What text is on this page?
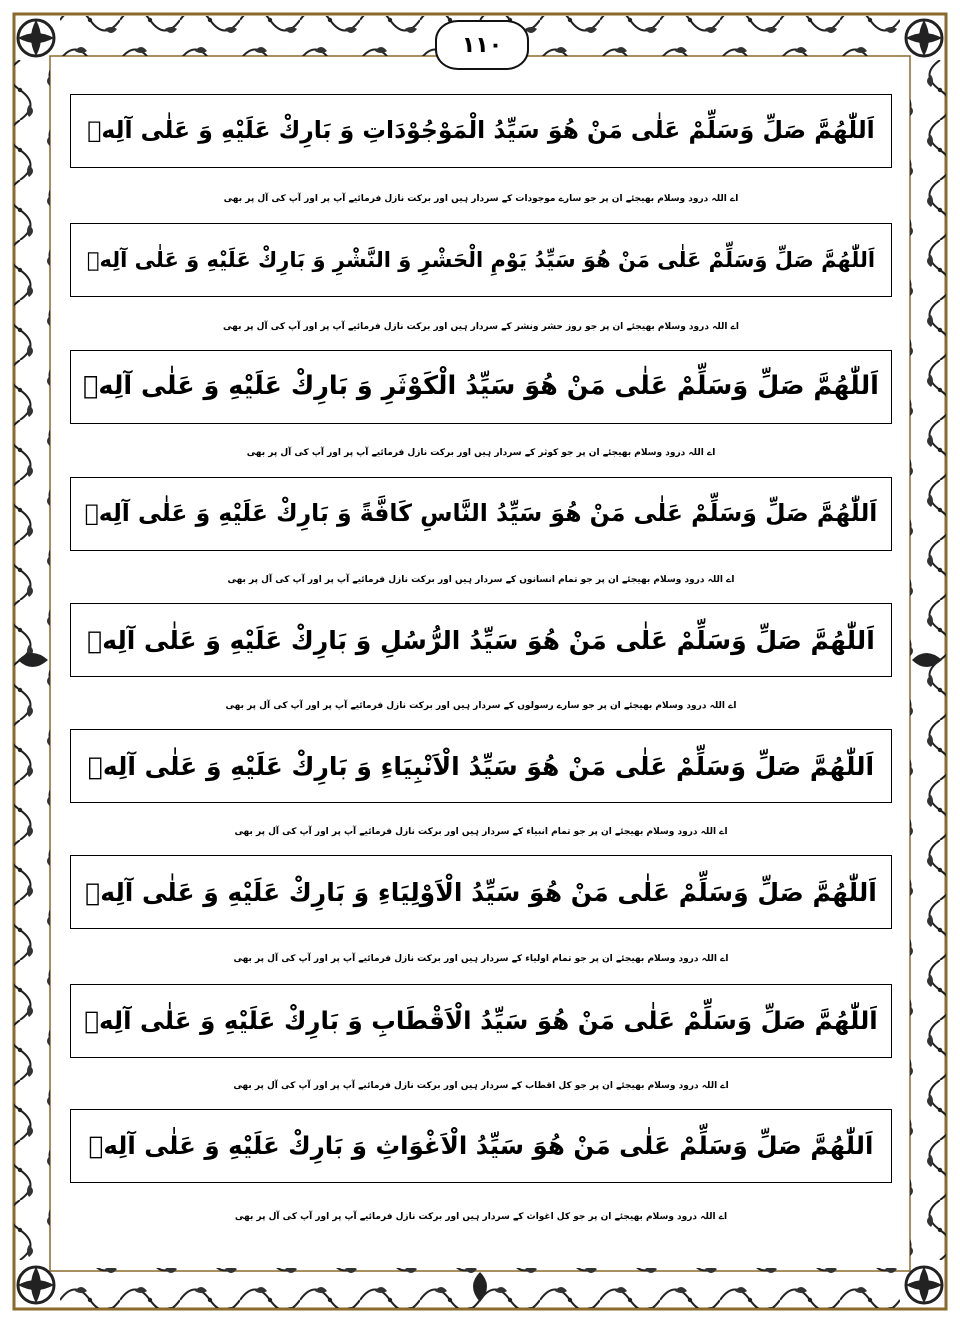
١١٠
اَللّٰهُمَّ صَلِّ وَسَلِّمْ عَلٰى مَنْ هُوَ سَيِّدُ الْمَوْجُوْدَاتِ وَ بَارِكْ عَلَيْهِ وَ عَلٰى آلِهٖ
اے اللہ درود وسلام بھیجئے ان پر جو سارے موجودات کے سردار ہیں اور برکت نازل فرمائیے آپ پر اور آپ کی آل پر بھی
اَللّٰهُمَّ صَلِّ وَسَلِّمْ عَلٰى مَنْ هُوَ سَيِّدُ يَوْمِ الْحَشْرِ وَ النَّشْرِ وَ بَارِكْ عَلَيْهِ وَ عَلٰى آلِهٖ
اے اللہ درود وسلام بھیجئے ان پر جو روز حشر ونشر کے سردار ہیں اور برکت نازل فرمائیے آپ پر اور آپ کی آل پر بھی
اَللّٰهُمَّ صَلِّ وَسَلِّمْ عَلٰى مَنْ هُوَ سَيِّدُ الْكَوْثَرِ وَ بَارِكْ عَلَيْهِ وَ عَلٰى آلِهٖ
اے اللہ درود وسلام بھیجئے ان پر جو کوثر کے سردار ہیں اور برکت نازل فرمائیے آپ پر اور آپ کی آل پر بھی
اَللّٰهُمَّ صَلِّ وَسَلِّمْ عَلٰى مَنْ هُوَ سَيِّدُ النَّاسِ كَافَّةً وَ بَارِكْ عَلَيْهِ وَ عَلٰى آلِهٖ
اے اللہ درود وسلام بھیجئے ان پر جو تمام انسانوں کے سردار ہیں اور برکت نازل فرمائیے آپ پر اور آپ کی آل پر بھی
اَللّٰهُمَّ صَلِّ وَسَلِّمْ عَلٰى مَنْ هُوَ سَيِّدُ الرُّسُلِ وَ بَارِكْ عَلَيْهِ وَ عَلٰى آلِهٖ
اے اللہ درود وسلام بھیجئے ان پر جو سارے رسولوں کے سردار ہیں اور برکت نازل فرمائیے آپ پر اور آپ کی آل پر بھی
اَللّٰهُمَّ صَلِّ وَسَلِّمْ عَلٰى مَنْ هُوَ سَيِّدُ الْاَنْبِيَاءِ وَ بَارِكْ عَلَيْهِ وَ عَلٰى آلِهٖ
اے اللہ درود وسلام بھیجئے ان پر جو تمام انبیاء کے سردار ہیں اور برکت نازل فرمائیے آپ پر اور آپ کی آل پر بھی
اَللّٰهُمَّ صَلِّ وَسَلِّمْ عَلٰى مَنْ هُوَ سَيِّدُ الْاَوْلِيَاءِ وَ بَارِكْ عَلَيْهِ وَ عَلٰى آلِهٖ
اے اللہ درود وسلام بھیجئے ان پر جو تمام اولیاء کے سردار ہیں اور برکت نازل فرمائیے آپ پر اور آپ کی آل پر بھی
اَللّٰهُمَّ صَلِّ وَسَلِّمْ عَلٰى مَنْ هُوَ سَيِّدُ الْاَقْطَابِ وَ بَارِكْ عَلَيْهِ وَ عَلٰى آلِهٖ
اے اللہ درود وسلام بھیجئے ان پر جو کل اقطاب کے سردار ہیں اور برکت نازل فرمائیے آپ پر اور آپ کی آل پر بھی
اَللّٰهُمَّ صَلِّ وَسَلِّمْ عَلٰى مَنْ هُوَ سَيِّدُ الْاَغْوَاثِ وَ بَارِكْ عَلَيْهِ وَ عَلٰى آلِهٖ
اے اللہ درود وسلام بھیجئے ان پر جو کل اغواث کے سردار ہیں اور برکت نازل فرمائیے آپ پر اور آپ کی آل پر بھی
